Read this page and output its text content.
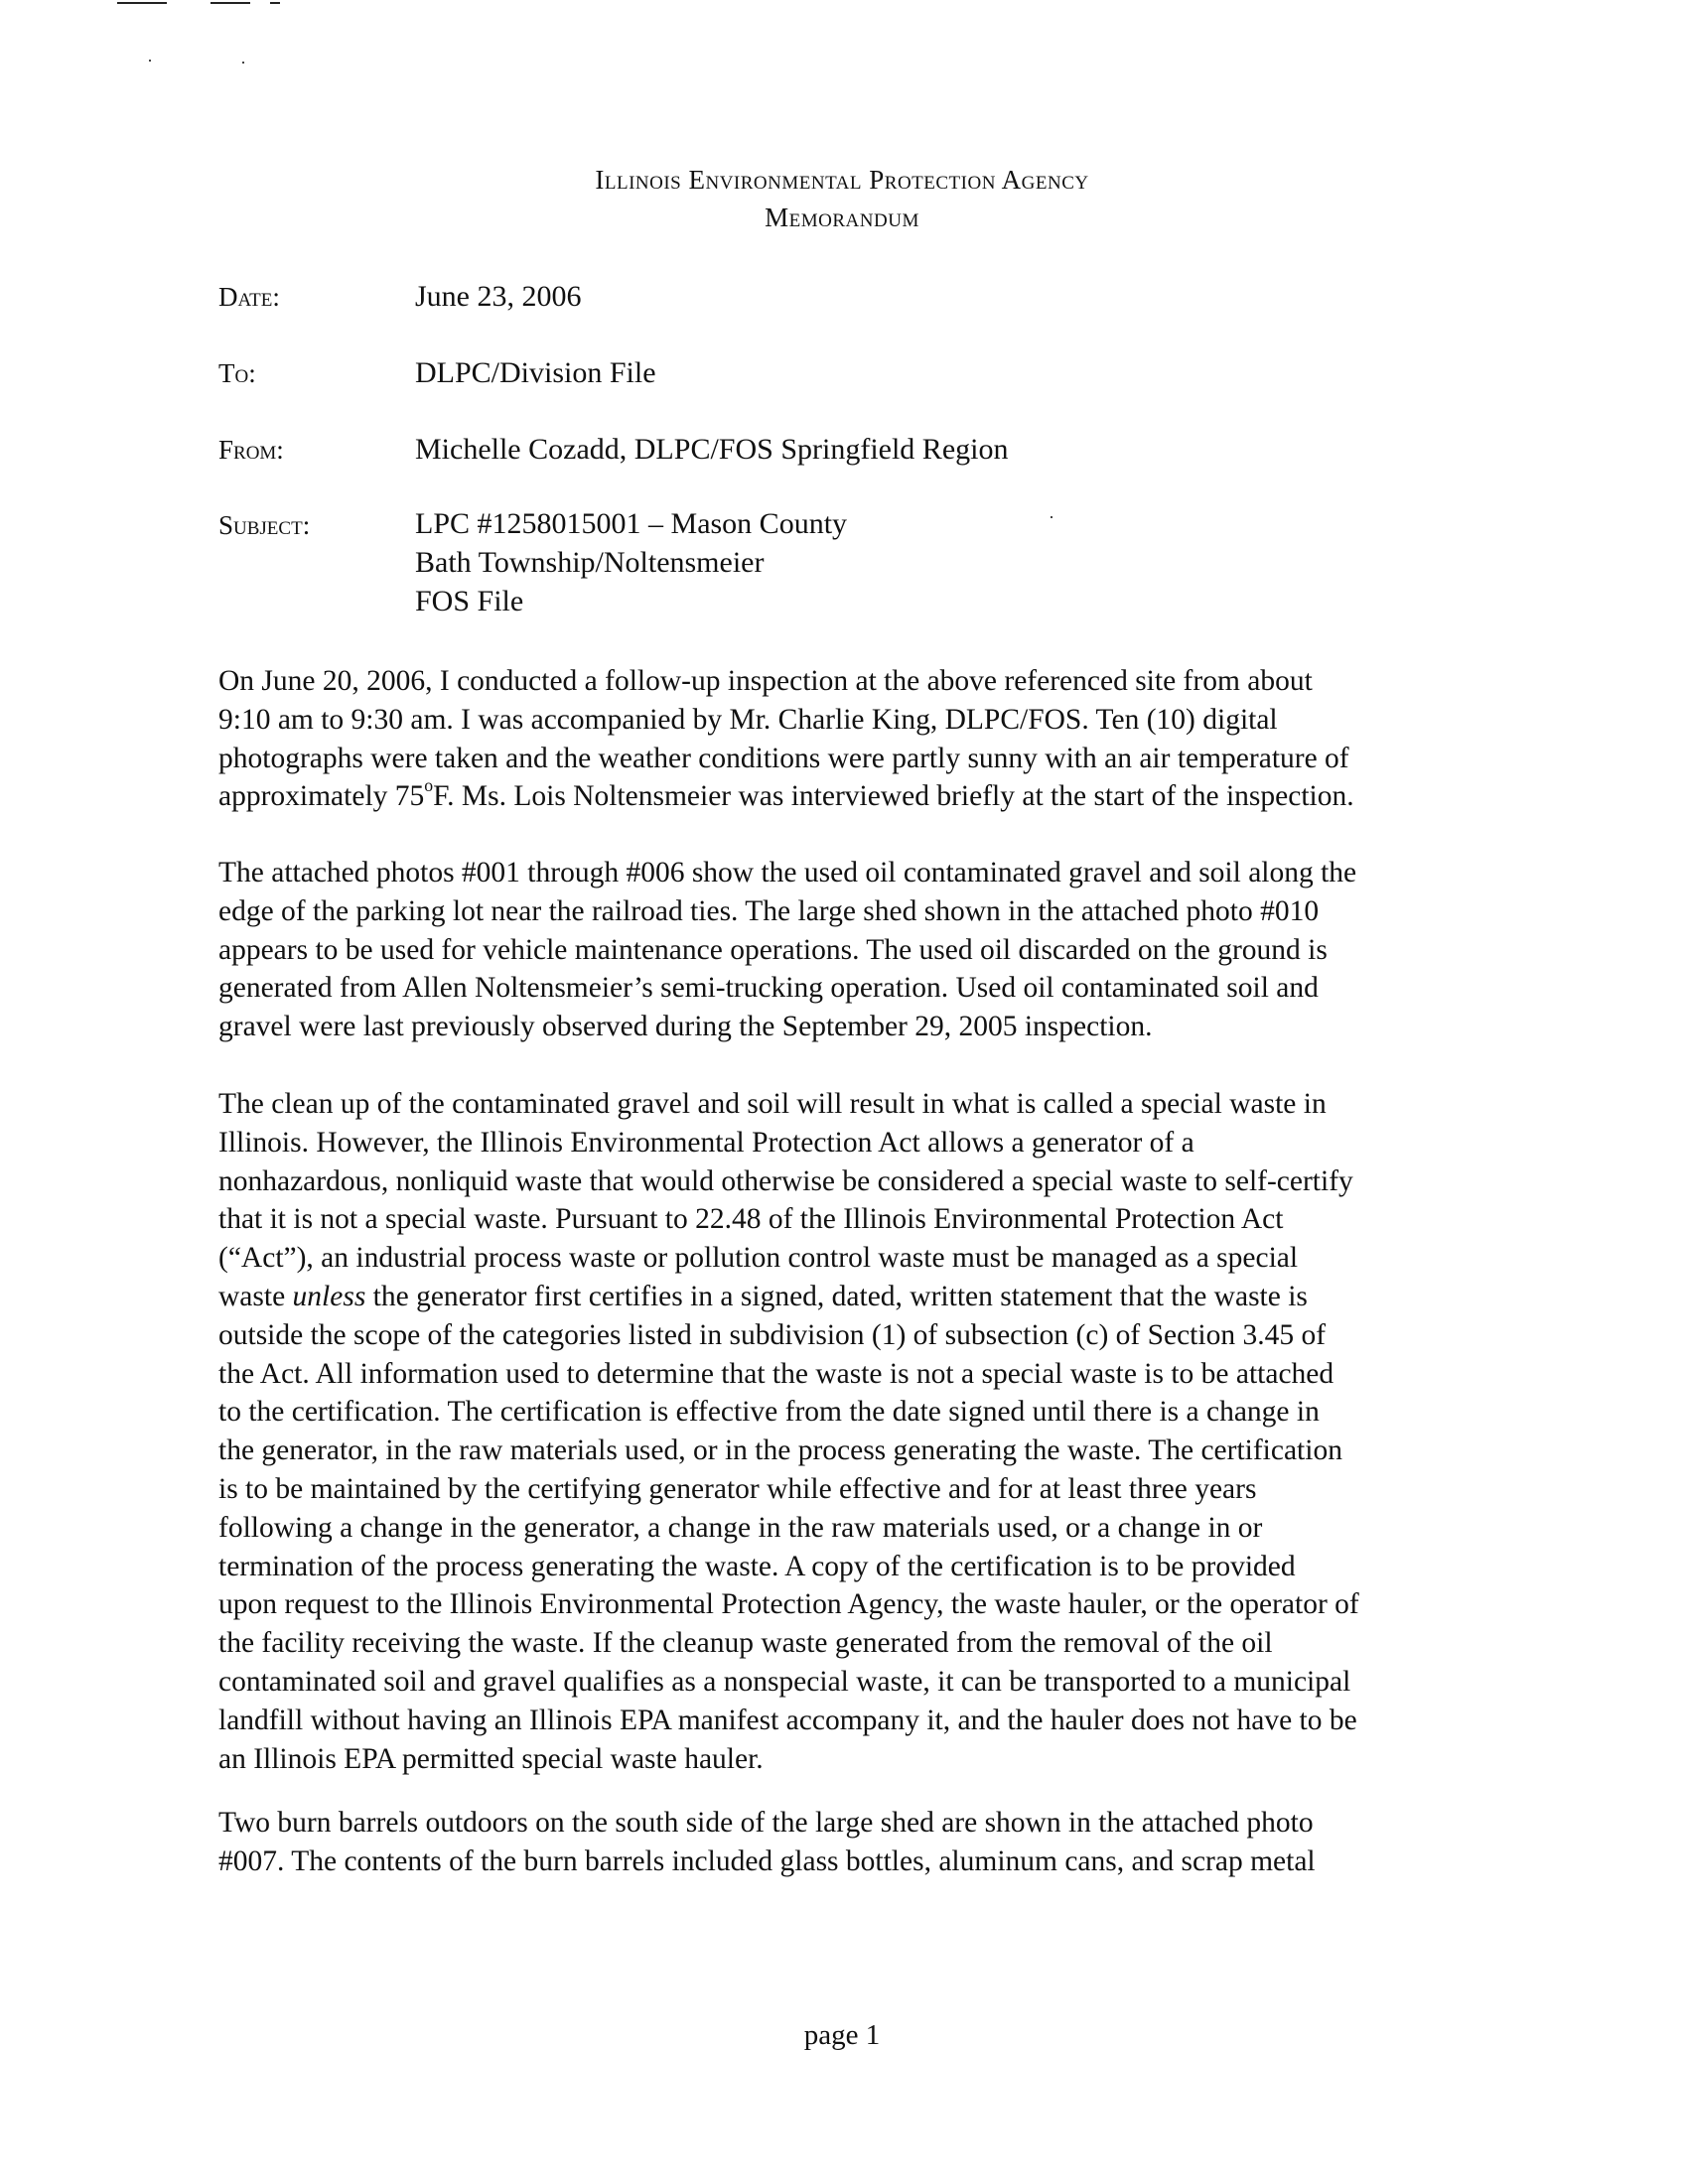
Illinois Environmental Protection Agency
Memorandum
Date:	June 23, 2006
To:	DLPC/Division File
From:	Michelle Cozadd, DLPC/FOS Springfield Region
Subject:	LPC #1258015001 – Mason County
Bath Township/Noltensmeier
FOS File
On June 20, 2006, I conducted a follow-up inspection at the above referenced site from about
9:10 am to 9:30 am. I was accompanied by Mr. Charlie King, DLPC/FOS. Ten (10) digital
photographs were taken and the weather conditions were partly sunny with an air temperature of
approximately 75$^o$F. Ms. Lois Noltensmeier was interviewed briefly at the start of the inspection.
The attached photos #001 through #006 show the used oil contaminated gravel and soil along the
edge of the parking lot near the railroad ties. The large shed shown in the attached photo #010
appears to be used for vehicle maintenance operations. The used oil discarded on the ground is
generated from Allen Noltensmeier’s semi-trucking operation. Used oil contaminated soil and
gravel were last previously observed during the September 29, 2005 inspection.
The clean up of the contaminated gravel and soil will result in what is called a special waste in
Illinois. However, the Illinois Environmental Protection Act allows a generator of a
nonhazardous, nonliquid waste that would otherwise be considered a special waste to self-certify
that it is not a special waste. Pursuant to 22.48 of the Illinois Environmental Protection Act
(“Act”), an industrial process waste or pollution control waste must be managed as a special
waste unless the generator first certifies in a signed, dated, written statement that the waste is
outside the scope of the categories listed in subdivision (1) of subsection (c) of Section 3.45 of
the Act. All information used to determine that the waste is not a special waste is to be attached
to the certification. The certification is effective from the date signed until there is a change in
the generator, in the raw materials used, or in the process generating the waste. The certification
is to be maintained by the certifying generator while effective and for at least three years
following a change in the generator, a change in the raw materials used, or a change in or
termination of the process generating the waste. A copy of the certification is to be provided
upon request to the Illinois Environmental Protection Agency, the waste hauler, or the operator of
the facility receiving the waste. If the cleanup waste generated from the removal of the oil
contaminated soil and gravel qualifies as a nonspecial waste, it can be transported to a municipal
landfill without having an Illinois EPA manifest accompany it, and the hauler does not have to be
an Illinois EPA permitted special waste hauler.
Two burn barrels outdoors on the south side of the large shed are shown in the attached photo
#007. The contents of the burn barrels included glass bottles, aluminum cans, and scrap metal
page 1
